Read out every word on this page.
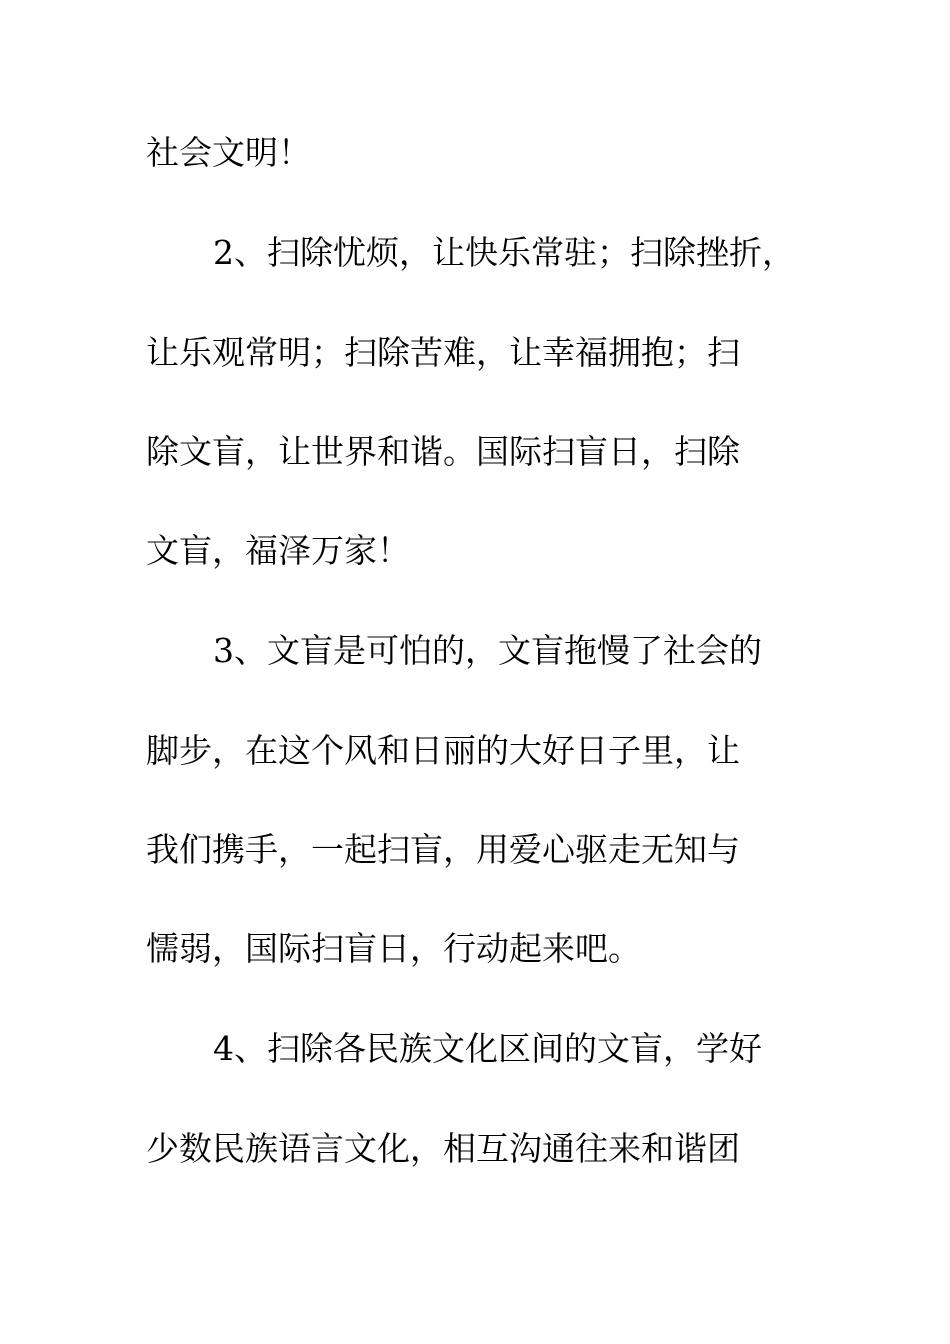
社会文明！
2、扫除忧烦，让快乐常驻；扫除挫折，
让乐观常明；扫除苦难，让幸福拥抱；扫
除文盲，让世界和谐。国际扫盲日，扫除
文盲，福泽万家！
3、文盲是可怕的，文盲拖慢了社会的
脚步，在这个风和日丽的大好日子里，让
我们携手，一起扫盲，用爱心驱走无知与
懦弱，国际扫盲日，行动起来吧。
4、扫除各民族文化区间的文盲，学好
少数民族语言文化，相互沟通往来和谐团
